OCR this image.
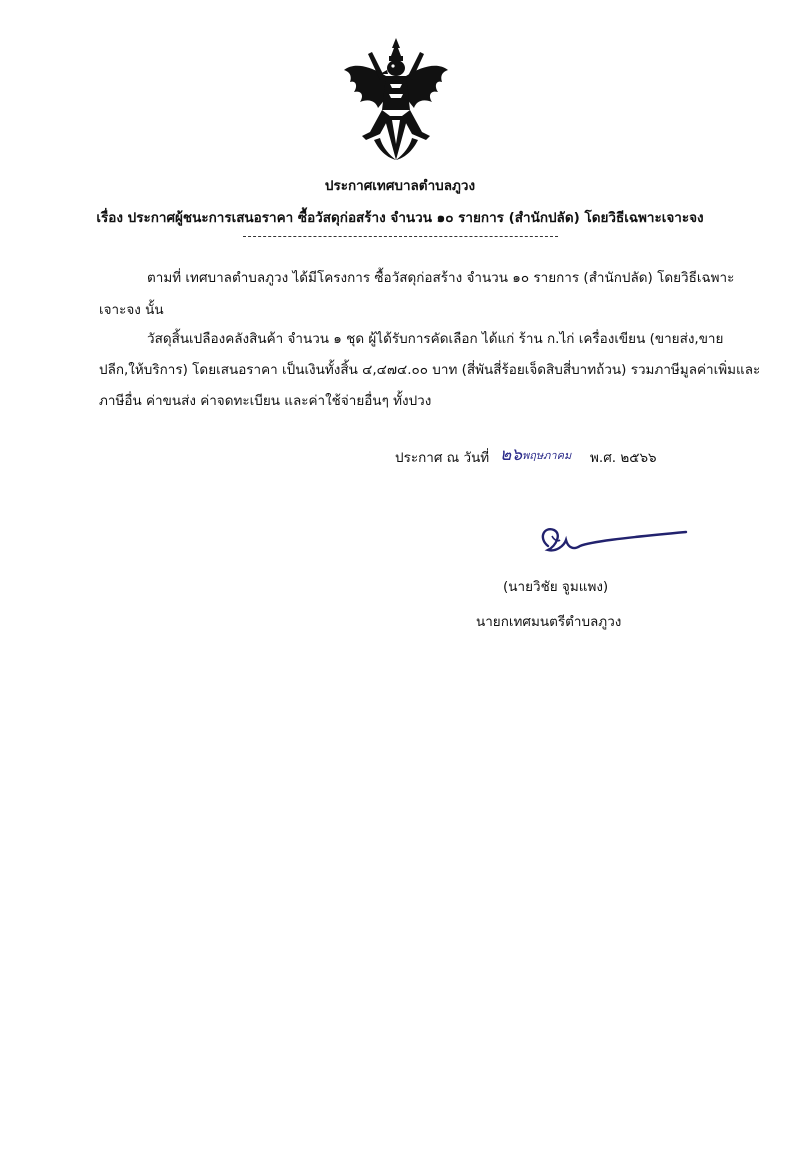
ประกาศเทศบาลตำบลภูวง
เรื่อง ประกาศผู้ชนะการเสนอราคา ซื้อวัสดุก่อสร้าง จำนวน ๑๐ รายการ (สำนักปลัด) โดยวิธีเฉพาะเจาะจง
ตามที่ เทศบาลตำบลภูวง ได้มีโครงการ ซื้อวัสดุก่อสร้าง จำนวน ๑๐ รายการ (สำนักปลัด) โดยวิธีเฉพาะ
เจาะจง นั้น
วัสดุสิ้นเปลืองคลังสินค้า จำนวน ๑ ชุด ผู้ได้รับการคัดเลือก ได้แก่ ร้าน ก.ไก่ เครื่องเขียน (ขายส่ง,ขาย
ปลีก,ให้บริการ) โดยเสนอราคา เป็นเงินทั้งสิ้น ๔,๔๗๔.๐๐ บาท (สี่พันสี่ร้อยเจ็ดสิบสี่บาทถ้วน) รวมภาษีมูลค่าเพิ่มและ
ภาษีอื่น ค่าขนส่ง ค่าจดทะเบียน และค่าใช้จ่ายอื่นๆ ทั้งปวง
ประกาศ ณ วันที่ ๒๖ พฤษภาคม พ.ศ. ๒๕๖๖
(นายวิชัย จูมแพง)
นายกเทศมนตรีตำบลภูวง
